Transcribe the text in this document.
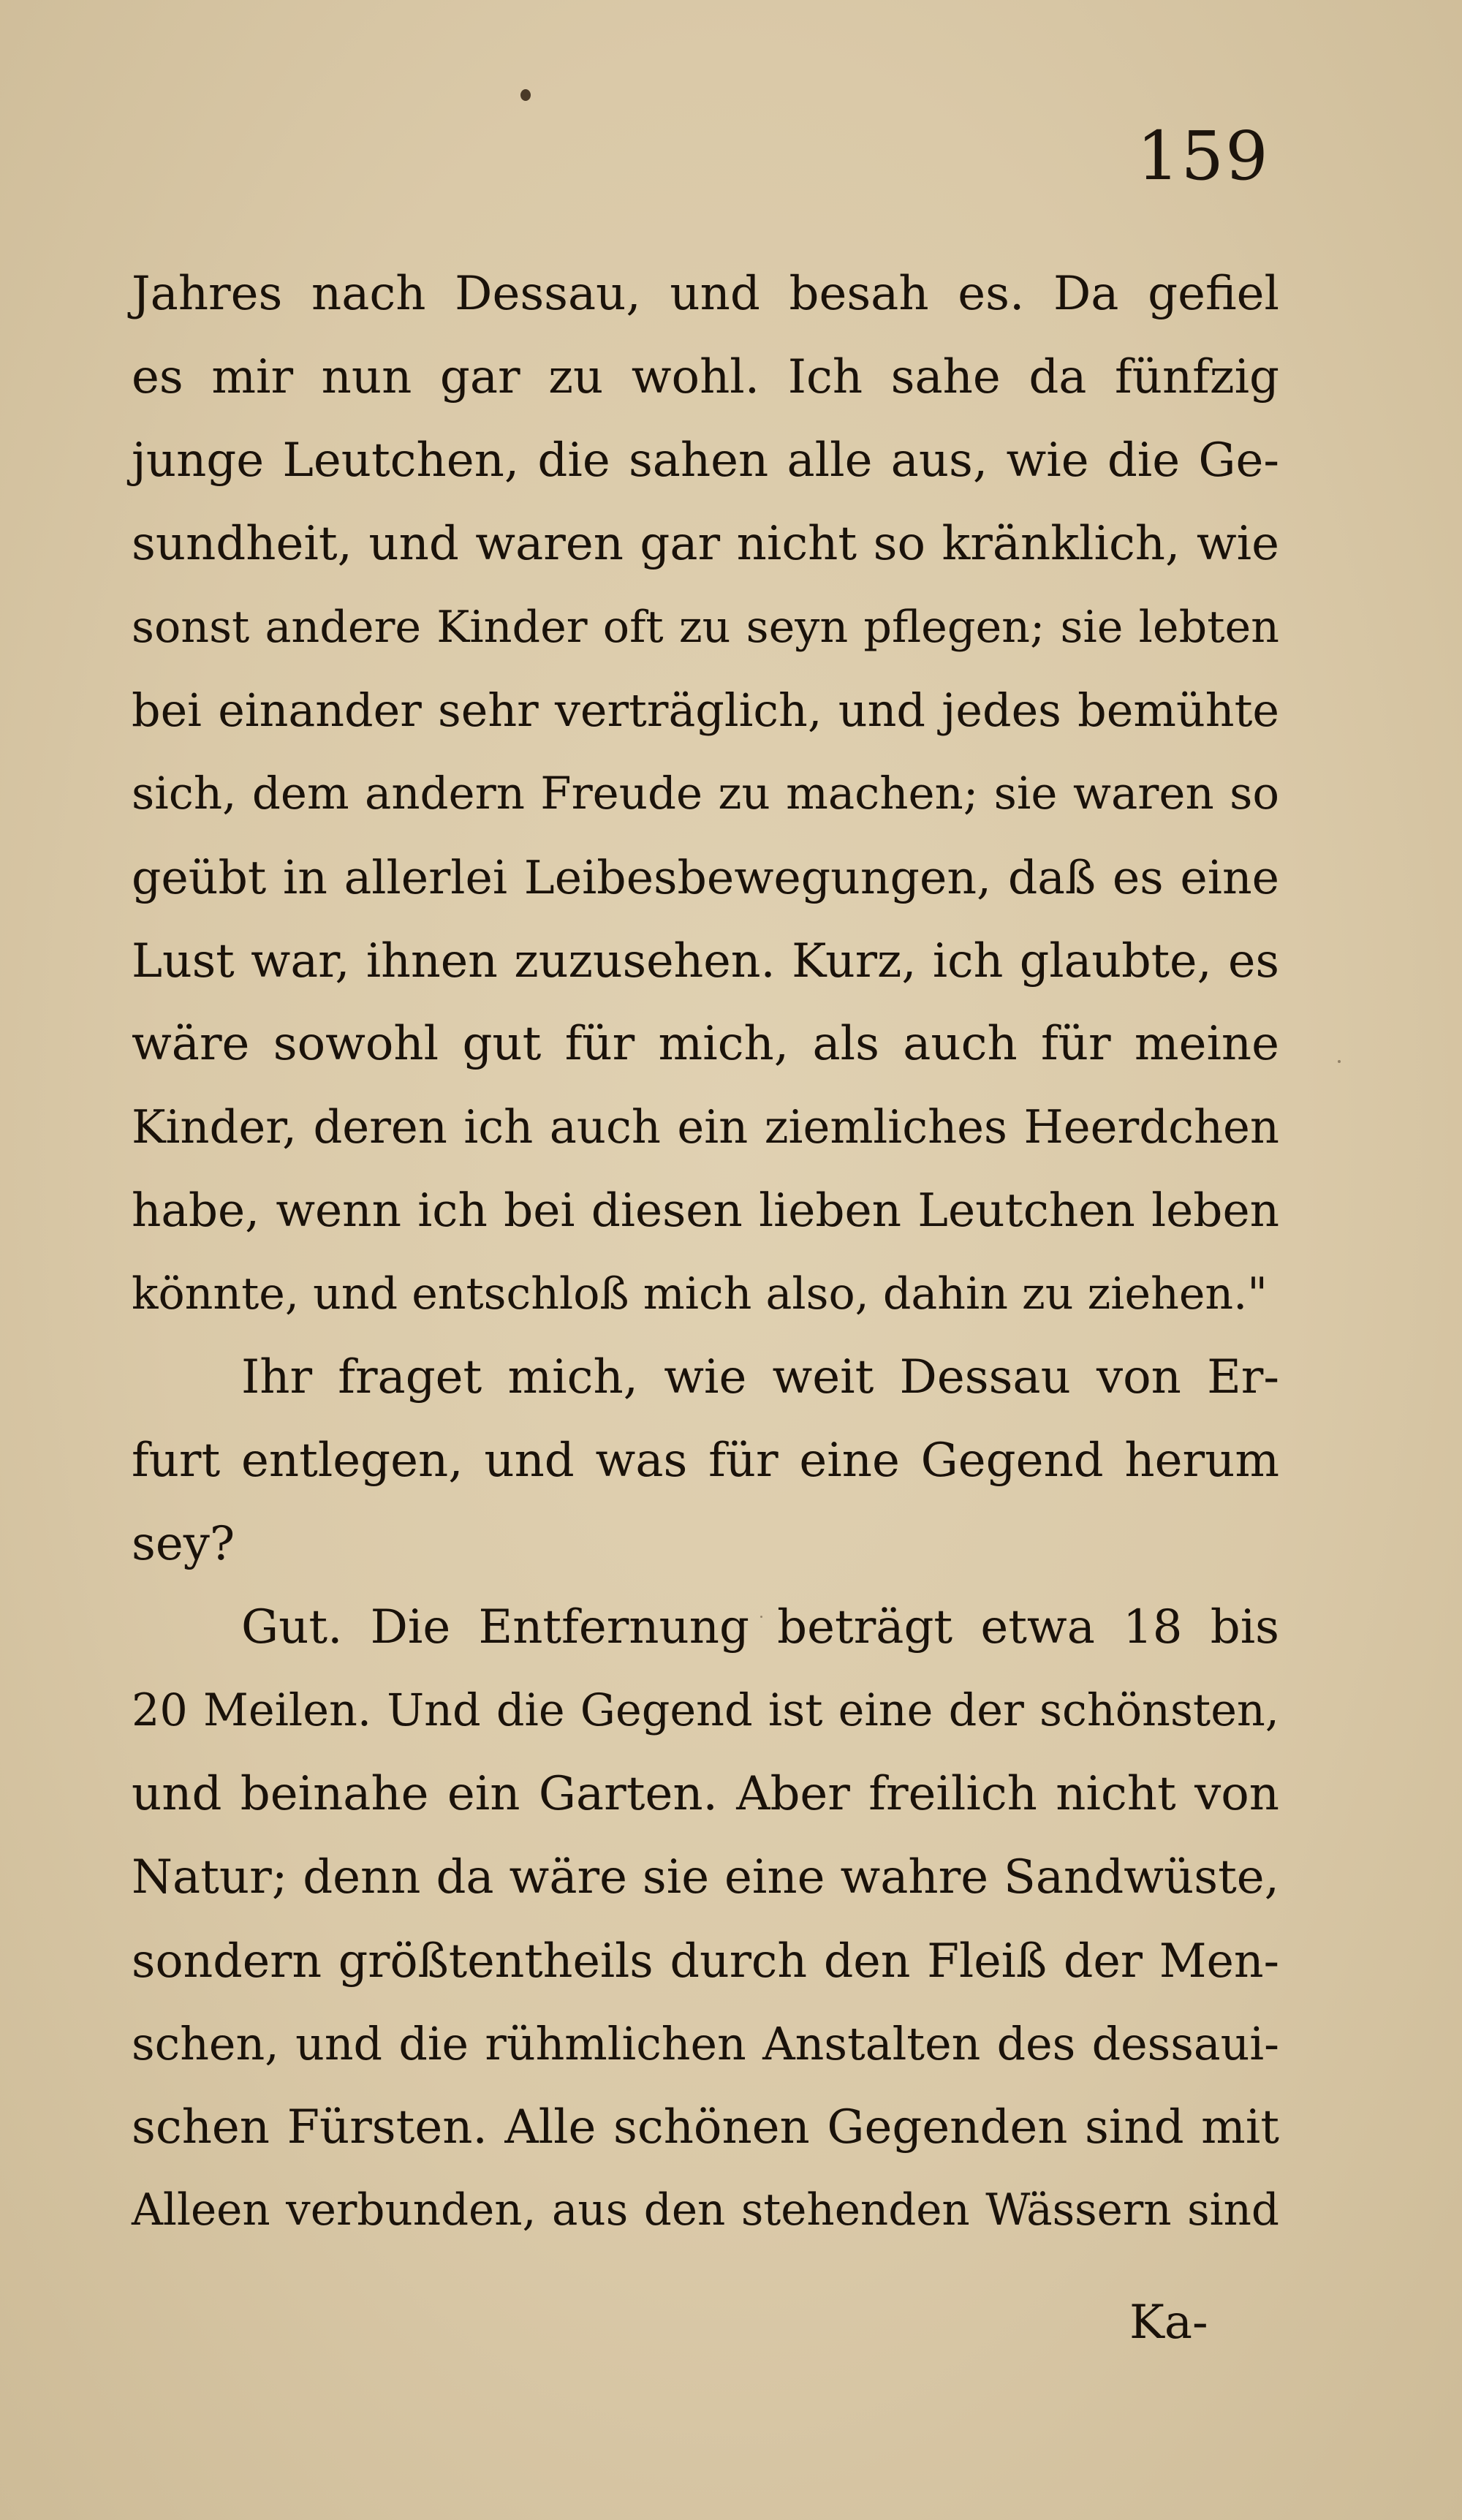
159
Jahres nach Dessau, und besah es. Da gefiel
es mir nun gar zu wohl. Ich sahe da fünfzig
junge Leutchen, die sahen alle aus, wie die Ge-
sundheit, und waren gar nicht so kränklich, wie
sonst andere Kinder oft zu seyn pflegen; sie lebten
bei einander sehr verträglich, und jedes bemühte
sich, dem andern Freude zu machen; sie waren so
geübt in allerlei Leibesbewegungen, daß es eine
Lust war, ihnen zuzusehen. Kurz, ich glaubte, es
wäre sowohl gut für mich, als auch für meine
Kinder, deren ich auch ein ziemliches Heerdchen
habe, wenn ich bei diesen lieben Leutchen leben
könnte, und entschloß mich also, dahin zu ziehen."
Ihr fraget mich, wie weit Dessau von Er-
furt entlegen, und was für eine Gegend herum
sey?
Gut. Die Entfernung beträgt etwa 18 bis
20 Meilen. Und die Gegend ist eine der schönsten,
und beinahe ein Garten. Aber freilich nicht von
Natur; denn da wäre sie eine wahre Sandwüste,
sondern größtentheils durch den Fleiß der Men-
schen, und die rühmlichen Anstalten des dessaui-
schen Fürsten. Alle schönen Gegenden sind mit
Alleen verbunden, aus den stehenden Wässern sind
Ka-
